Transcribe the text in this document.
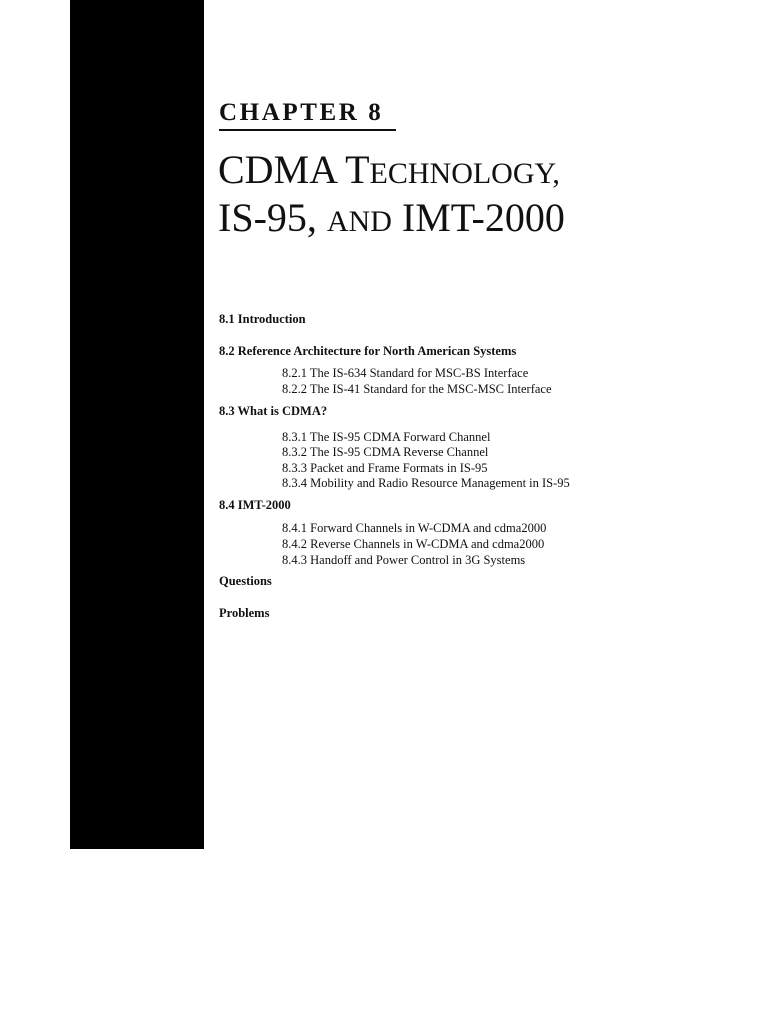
CHAPTER 8
CDMA TECHNOLOGY,
IS-95, AND IMT-2000

8.1 Introduction

8.2 Reference Architecture for North American Systems

8.2.1 The IS-634 Standard for MSC-BS Interface

8.2.2 The IS-41 Standard for the MSC-MSC Interface

8.3 What is CDMA?

8.3.1 The IS-95 CDMA Forward Channel

8.3.2 The IS-95 CDMA Reverse Channel

8.3.3 Packet and Frame Formats in IS-95

8.3.4 Mobility and Radio Resource Management in IS-95

8.4 IMT-2000

8.4.1 Forward Channels in W-CDMA and cdma2000

8.4.2 Reverse Channels in W-CDMA and cdma2000

8.4.3 Handoff and Power Control in 3G Systems

Questions

Problems
